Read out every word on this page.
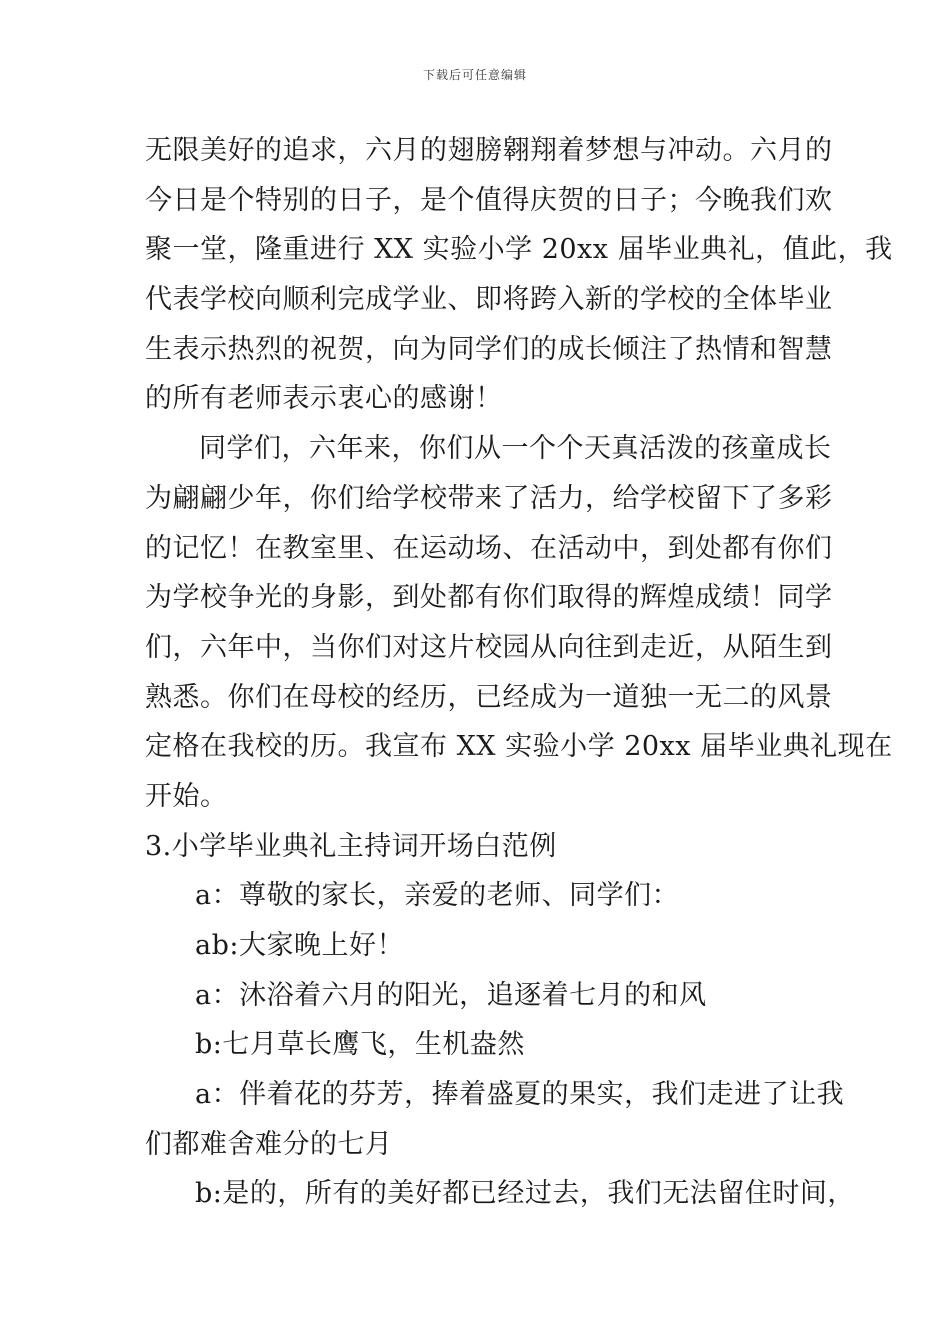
下载后可任意编辑
无限美好的追求，六月的翅膀翱翔着梦想与冲动。六月的
今日是个特别的日子，是个值得庆贺的日子；今晚我们欢
聚一堂，隆重进行 XX 实验小学 20xx 届毕业典礼，值此，我
代表学校向顺利完成学业、即将跨入新的学校的全体毕业
生表示热烈的祝贺，向为同学们的成长倾注了热情和智慧
的所有老师表示衷心的感谢！
同学们，六年来，你们从一个个天真活泼的孩童成长
为翩翩少年，你们给学校带来了活力，给学校留下了多彩
的记忆！在教室里、在运动场、在活动中，到处都有你们
为学校争光的身影，到处都有你们取得的辉煌成绩！同学
们，六年中，当你们对这片校园从向往到走近，从陌生到
熟悉。你们在母校的经历，已经成为一道独一无二的风景
定格在我校的历。我宣布 XX 实验小学 20xx 届毕业典礼现在
开始。
3.小学毕业典礼主持词开场白范例
a：尊敬的家长，亲爱的老师、同学们：
ab:大家晚上好！
a：沐浴着六月的阳光，追逐着七月的和风
b:七月草长鹰飞，生机盎然
a：伴着花的芬芳，捧着盛夏的果实，我们走进了让我
们都难舍难分的七月
b:是的，所有的美好都已经过去，我们无法留住时间，
